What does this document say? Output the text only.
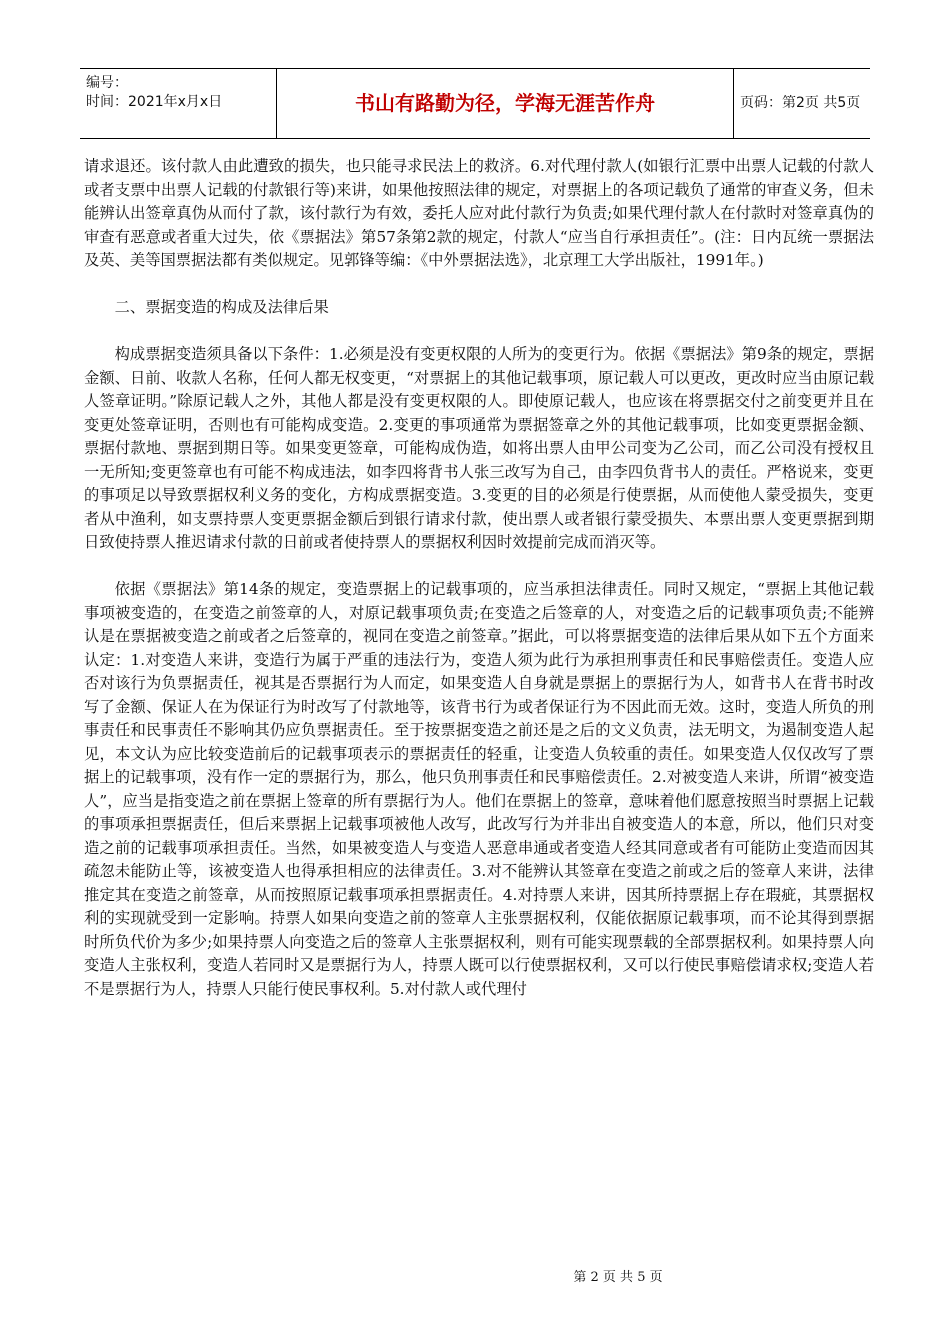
编号：
时间：2021年x月x日	书山有路勤为径，学海无涯苦作舟	页码：第2页 共5页

请求退还。该付款人由此遭致的损失，也只能寻求民法上的救济。6.对代理付款人(如银行汇票中出票人记载的付款人或者支票中出票人记载的付款银行等)来讲，如果他按照法律的规定，对票据上的各项记载负了通常的审查义务，但未能辨认出签章真伪从而付了款，该付款行为有效，委托人应对此付款行为负责;如果代理付款人在付款时对签章真伪的审查有恶意或者重大过失，依《票据法》第57条第2款的规定，付款人“应当自行承担责任”。(注：日内瓦统一票据法及英、美等国票据法都有类似规定。见郭锋等编：《中外票据法选》，北京理工大学出版社，1991年。)

二、票据变造的构成及法律后果

构成票据变造须具备以下条件：1.必须是没有变更权限的人所为的变更行为。依据《票据法》第9条的规定，票据金额、日前、收款人名称，任何人都无权变更，“对票据上的其他记载事项，原记载人可以更改，更改时应当由原记载人签章证明。”除原记载人之外，其他人都是没有变更权限的人。即使原记载人，也应该在将票据交付之前变更并且在变更处签章证明，否则也有可能构成变造。2.变更的事项通常为票据签章之外的其他记载事项，比如变更票据金额、票据付款地、票据到期日等。如果变更签章，可能构成伪造，如将出票人由甲公司变为乙公司，而乙公司没有授权且一无所知;变更签章也有可能不构成违法，如李四将背书人张三改写为自己，由李四负背书人的责任。严格说来，变更的事项足以导致票据权利义务的变化，方构成票据变造。3.变更的目的必须是行使票据，从而使他人蒙受损失，变更者从中渔利，如支票持票人变更票据金额后到银行请求付款，使出票人或者银行蒙受损失、本票出票人变更票据到期日致使持票人推迟请求付款的日前或者使持票人的票据权利因时效提前完成而消灭等。

依据《票据法》第14条的规定，变造票据上的记载事项的，应当承担法律责任。同时又规定，“票据上其他记载事项被变造的，在变造之前签章的人，对原记载事项负责;在变造之后签章的人，对变造之后的记载事项负责;不能辨认是在票据被变造之前或者之后签章的，视同在变造之前签章。”据此，可以将票据变造的法律后果从如下五个方面来认定：1.对变造人来讲，变造行为属于严重的违法行为，变造人须为此行为承担刑事责任和民事赔偿责任。变造人应否对该行为负票据责任，视其是否票据行为人而定，如果变造人自身就是票据上的票据行为人，如背书人在背书时改写了金额、保证人在为保证行为时改写了付款地等，该背书行为或者保证行为不因此而无效。这时，变造人所负的刑事责任和民事责任不影响其仍应负票据责任。至于按票据变造之前还是之后的文义负责，法无明文，为遏制变造人起见，本文认为应比较变造前后的记载事项表示的票据责任的轻重，让变造人负较重的责任。如果变造人仅仅改写了票据上的记载事项，没有作一定的票据行为，那么，他只负刑事责任和民事赔偿责任。2.对被变造人来讲，所谓“被变造人”，应当是指变造之前在票据上签章的所有票据行为人。他们在票据上的签章，意味着他们愿意按照当时票据上记载的事项承担票据责任，但后来票据上记载事项被他人改写，此改写行为并非出自被变造人的本意，所以，他们只对变造之前的记载事项承担责任。当然，如果被变造人与变造人恶意串通或者变造人经其同意或者有可能防止变造而因其疏忽未能防止等，该被变造人也得承担相应的法律责任。3.对不能辨认其签章在变造之前或之后的签章人来讲，法律推定其在变造之前签章，从而按照原记载事项承担票据责任。4.对持票人来讲，因其所持票据上存在瑕疵，其票据权利的实现就受到一定影响。持票人如果向变造之前的签章人主张票据权利，仅能依据原记载事项，而不论其得到票据时所负代价为多少;如果持票人向变造之后的签章人主张票据权利，则有可能实现票载的全部票据权利。如果持票人向变造人主张权利，变造人若同时又是票据行为人，持票人既可以行使票据权利，又可以行使民事赔偿请求权;变造人若不是票据行为人，持票人只能行使民事权利。5.对付款人或代理付

第 2 页 共 5 页
